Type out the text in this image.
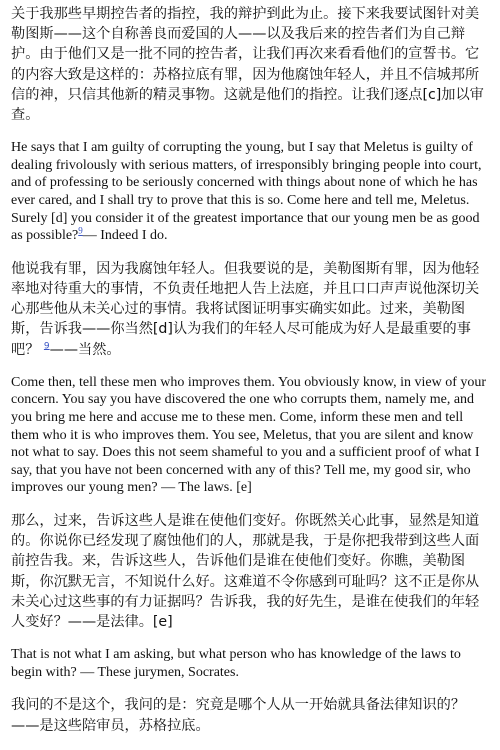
关于我那些早期控告者的指控，我的辩护到此为止。接下来我要试图针对美勒图斯——这个自称善良而爱国的人——以及我后来的控告者们为自己辩护。由于他们又是一批不同的控告者，让我们再次来看看他们的宣誓书。它的内容大致是这样的：苏格拉底有罪，因为他腐蚀年轻人，并且不信城邦所信的神，只信其他新的精灵事物。这就是他们的指控。让我们逐点[c]加以审查。

He says that I am guilty of corrupting the young, but I say that Meletus is guilty of dealing frivolously with serious matters, of irresponsibly bringing people into court, and of professing to be seriously concerned with things about none of which he has ever cared, and I shall try to prove that this is so. Come here and tell me, Meletus. Surely [d] you consider it of the greatest importance that our young men be as good as possible?$^9$— Indeed I do.

他说我有罪，因为我腐蚀年轻人。但我要说的是，美勒图斯有罪，因为他轻率地对待重大的事情，不负责任地把人告上法庭，并且口口声声说他深切关心那些他从未关心过的事情。我将试图证明事实确实如此。过来，美勒图斯，告诉我——你当然[d]认为我们的年轻人尽可能成为好人是最重要的事吧？ $^9$——当然。

Come then, tell these men who improves them. You obviously know, in view of your concern. You say you have discovered the one who corrupts them, namely me, and you bring me here and accuse me to these men. Come, inform these men and tell them who it is who improves them. You see, Meletus, that you are silent and know not what to say. Does this not seem shameful to you and a sufficient proof of what I say, that you have not been concerned with any of this? Tell me, my good sir, who improves our young men? — The laws. [e]

那么，过来，告诉这些人是谁在使他们变好。你既然关心此事，显然是知道的。你说你已经发现了腐蚀他们的人，那就是我，于是你把我带到这些人面前控告我。来，告诉这些人，告诉他们是谁在使他们变好。你瞧，美勒图斯，你沉默无言，不知说什么好。这难道不令你感到可耻吗？这不正是你从未关心过这些事的有力证据吗？告诉我，我的好先生，是谁在使我们的年轻人变好？——是法律。[e]

That is not what I am asking, but what person who has knowledge of the laws to begin with? — These jurymen, Socrates.

我问的不是这个，我问的是：究竟是哪个人从一开始就具备法律知识的？——是这些陪审员，苏格拉底。
